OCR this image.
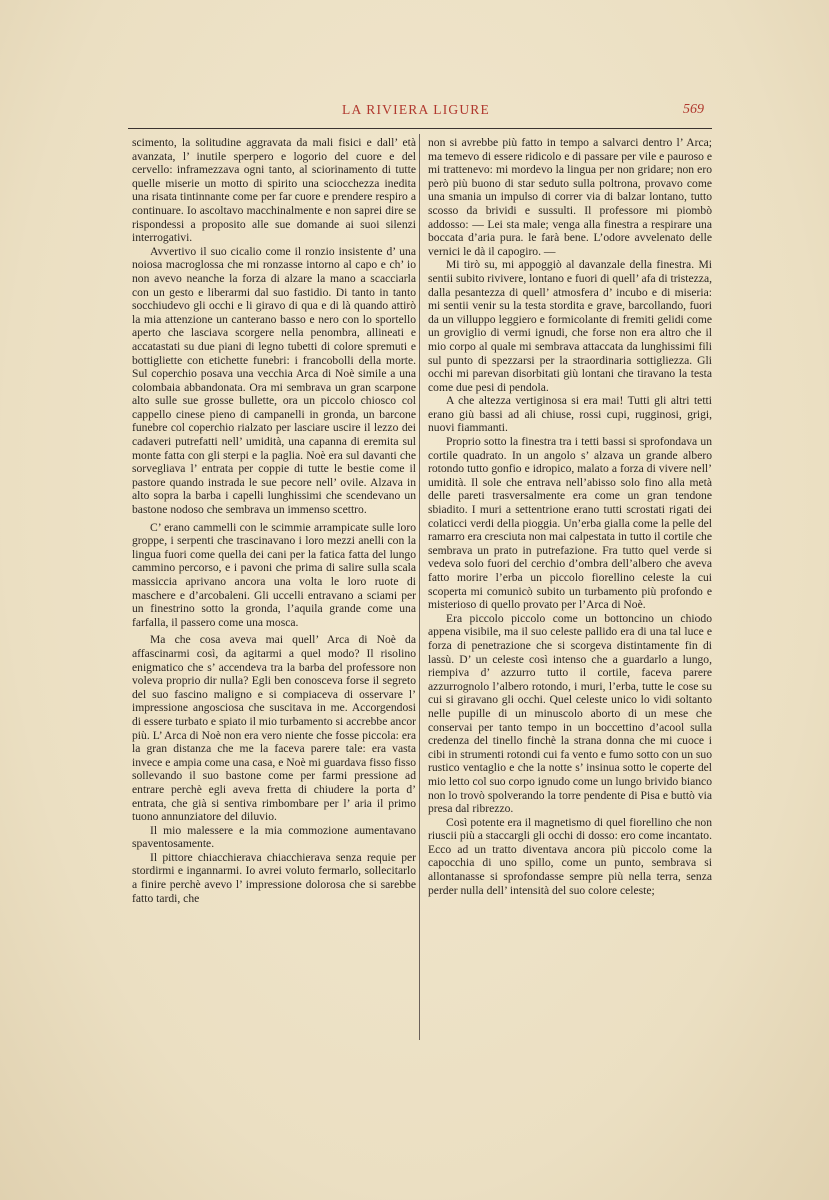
LA RIVIERA LIGURE	569

scimento, la solitudine aggravata da mali fisici e dall’ età avanzata, l’ inutile sperpero e logorio del cuore e del cervello: inframezzava ogni tanto, al sciorinamento di tutte quelle miserie un motto di spirito una sciocchezza inedita una risata tintinnante come per far cuore e prendere respiro a continuare. Io ascoltavo macchinalmente e non saprei dire se rispondessi a proposito alle sue domande ai suoi silenzi interrogativi.

Avvertivo il suo cicalio come il ronzio insistente d’ una noiosa macroglossa che mi ronzasse intorno al capo e ch’ io non avevo neanche la forza di alzare la mano a scacciarla con un gesto e liberarmi dal suo fastidio. Di tanto in tanto socchiudevo gli occhi e li giravo di qua e di là quando attirò la mia attenzione un canterano basso e nero con lo sportello aperto che lasciava scorgere nella penombra, allineati e accatastati su due piani di legno tubetti di colore spremuti e bottigliette con etichette funebri: i francobolli della morte. Sul coperchio posava una vecchia Arca di Noè simile a una colombaia abbandonata. Ora mi sembrava un gran scarpone alto sulle sue grosse bullette, ora un piccolo chiosco col cappello cinese pieno di campanelli in gronda, un barcone funebre col coperchio rialzato per lasciare uscire il lezzo dei cadaveri putrefatti nell’ umidità, una capanna di eremita sul monte fatta con gli sterpi e la paglia. Noè era sul davanti che sorvegliava l’ entrata per coppie di tutte le bestie come il pastore quando instrada le sue pecore nell’ ovile. Alzava in alto sopra la barba i capelli lunghissimi che scendevano un bastone nodoso che sembrava un immenso scettro.

C’ erano cammelli con le scimmie arrampicate sulle loro groppe, i serpenti che trascinavano i loro mezzi anelli con la lingua fuori come quella dei cani per la fatica fatta del lungo cammino percorso, e i pavoni che prima di salire sulla scala massiccia aprivano ancora una volta le loro ruote di maschere e d’arcobaleni. Gli uccelli entravano a sciami per un finestrino sotto la gronda, l’aquila grande come una farfalla, il passero come una mosca.

Ma che cosa aveva mai quell’ Arca di Noè da affascinarmi così, da agitarmi a quel modo? Il risolino enigmatico che s’ accendeva tra la barba del professore non voleva proprio dir nulla? Egli ben conosceva forse il segreto del suo fascino maligno e si compiaceva di osservare l’ impressione angosciosa che suscitava in me. Accorgendosi di essere turbato e spiato il mio turbamento si accrebbe ancor più. L’ Arca di Noè non era vero niente che fosse piccola: era la gran distanza che me la faceva parere tale: era vasta invece e ampia come una casa, e Noè mi guardava fisso fisso sollevando il suo bastone come per farmi pressione ad entrare perchè egli aveva fretta di chiudere la porta d’ entrata, che già si sentiva rimbombare per l’ aria il primo tuono annunziatore del diluvio.

Il mio malessere e la mia commozione aumentavano spaventosamente.

Il pittore chiacchierava chiacchierava senza requie per stordirmi e ingannarmi. Io avrei voluto fermarlo, sollecitarlo a finire perchè avevo l’ impressione dolorosa che si sarebbe fatto tardi, che

non si avrebbe più fatto in tempo a salvarci dentro l’ Arca; ma temevo di essere ridicolo e di passare per vile e pauroso e mi trattenevo: mi mordevo la lingua per non gridare; non ero però più buono di star seduto sulla poltrona, provavo come una smania un impulso di correr via di balzar lontano, tutto scosso da brividi e sussulti. Il professore mi piombò addosso: — Lei sta male; venga alla finestra a respirare una boccata d’aria pura. le farà bene. L’odore avvelenato delle vernici le dà il capogiro. —

Mi tirò su, mi appoggiò al davanzale della finestra. Mi sentii subito rivivere, lontano e fuori di quell’ afa di tristezza, dalla pesantezza di quell’ atmosfera d’ incubo e di miseria: mi sentii venir su la testa stordita e grave, barcollando, fuori da un villuppo leggiero e formicolante di fremiti gelidi come un groviglio di vermi ignudi, che forse non era altro che il mio corpo al quale mi sembrava attaccata da lunghissimi fili sul punto di spezzarsi per la straordinaria sottigliezza. Gli occhi mi parevan disorbitati giù lontani che tiravano la testa come due pesi di pendola.

A che altezza vertiginosa si era mai! Tutti gli altri tetti erano giù bassi ad ali chiuse, rossi cupi, rugginosi, grigi, nuovi fiammanti.

Proprio sotto la finestra tra i tetti bassi si sprofondava un cortile quadrato. In un angolo s’ alzava un grande albero rotondo tutto gonfio e idropico, malato a forza di vivere nell’ umidità. Il sole che entrava nell’abisso solo fino alla metà delle pareti trasversalmente era come un gran tendone sbiadito. I muri a settentrione erano tutti scrostati rigati dei colaticci verdi della pioggia. Un’erba gialla come la pelle del ramarro era cresciuta non mai calpestata in tutto il cortile che sembrava un prato in putrefazione. Fra tutto quel verde si vedeva solo fuori del cerchio d’ombra dell’albero che aveva fatto morire l’erba un piccolo fiorellino celeste la cui scoperta mi comunicò subito un turbamento più profondo e misterioso di quello provato per l’Arca di Noè.

Era piccolo piccolo come un bottoncino un chiodo appena visibile, ma il suo celeste pallido era di una tal luce e forza di penetrazione che si scorgeva distintamente fin di lassù. D’ un celeste così intenso che a guardarlo a lungo, riempiva d’ azzurro tutto il cortile, faceva parere azzurrognolo l’albero rotondo, i muri, l’erba, tutte le cose su cui si giravano gli occhi. Quel celeste unico lo vidi soltanto nelle pupille di un minuscolo aborto di un mese che conservai per tanto tempo in un boccettino d’acool sulla credenza del tinello finchè la strana donna che mi cuoce i cibi in strumenti rotondi cui fa vento e fumo sotto con un suo rustico ventaglio e che la notte s’ insinua sotto le coperte del mio letto col suo corpo ignudo come un lungo brivido bianco non lo trovò spolverando la torre pendente di Pisa e buttò via presa dal ribrezzo.

Così potente era il magnetismo di quel fiorellino che non riuscii più a staccargli gli occhi di dosso: ero come incantato. Ecco ad un tratto diventava ancora più piccolo come la capocchia di uno spillo, come un punto, sembrava si allontanasse si sprofondasse sempre più nella terra, senza perder nulla dell’ intensità del suo colore celeste;
